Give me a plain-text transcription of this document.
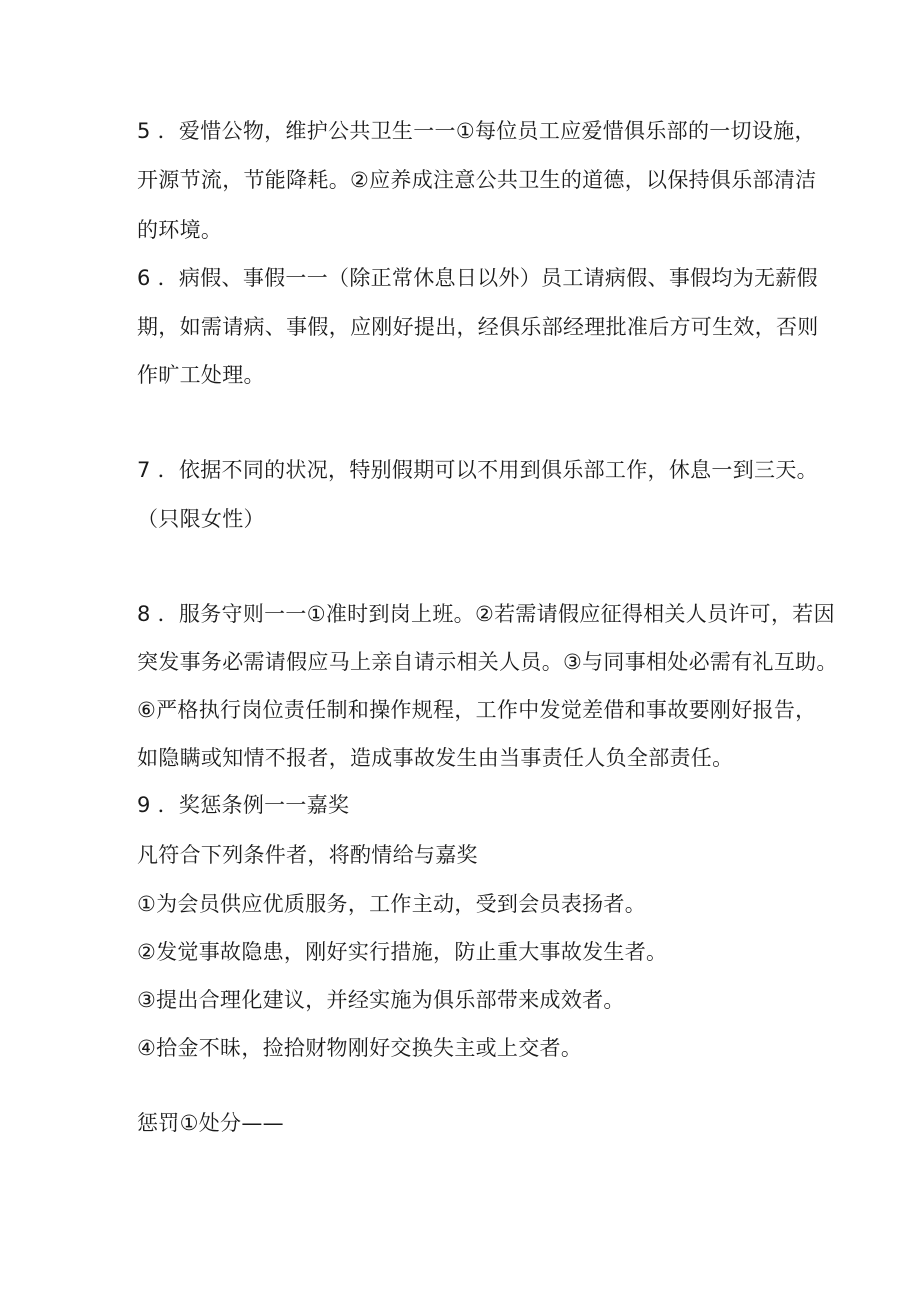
5 ．爱惜公物，维护公共卫生一一①每位员工应爱惜俱乐部的一切设施，
开源节流，节能降耗。②应养成注意公共卫生的道德，以保持俱乐部清洁
的环境。
6 ．病假、事假一一（除正常休息日以外）员工请病假、事假均为无薪假
期，如需请病、事假，应刚好提出，经俱乐部经理批准后方可生效，否则
作旷工处理。
7 ．依据不同的状况，特别假期可以不用到俱乐部工作，休息一到三天。
（只限女性）
8 ．服务守则一一①准时到岗上班。②若需请假应征得相关人员许可，若因
突发事务必需请假应马上亲自请示相关人员。③与同事相处必需有礼互助。
⑥严格执行岗位责任制和操作规程，工作中发觉差借和事故要刚好报告，
如隐瞒或知情不报者，造成事故发生由当事责任人负全部责任。
9 ．奖惩条例一一嘉奖
凡符合下列条件者，将酌情给与嘉奖
①为会员供应优质服务，工作主动，受到会员表扬者。
②发觉事故隐患，刚好实行措施，防止重大事故发生者。
③提出合理化建议，并经实施为俱乐部带来成效者。
④拾金不昧，捡拾财物刚好交换失主或上交者。
惩罚①处分——
